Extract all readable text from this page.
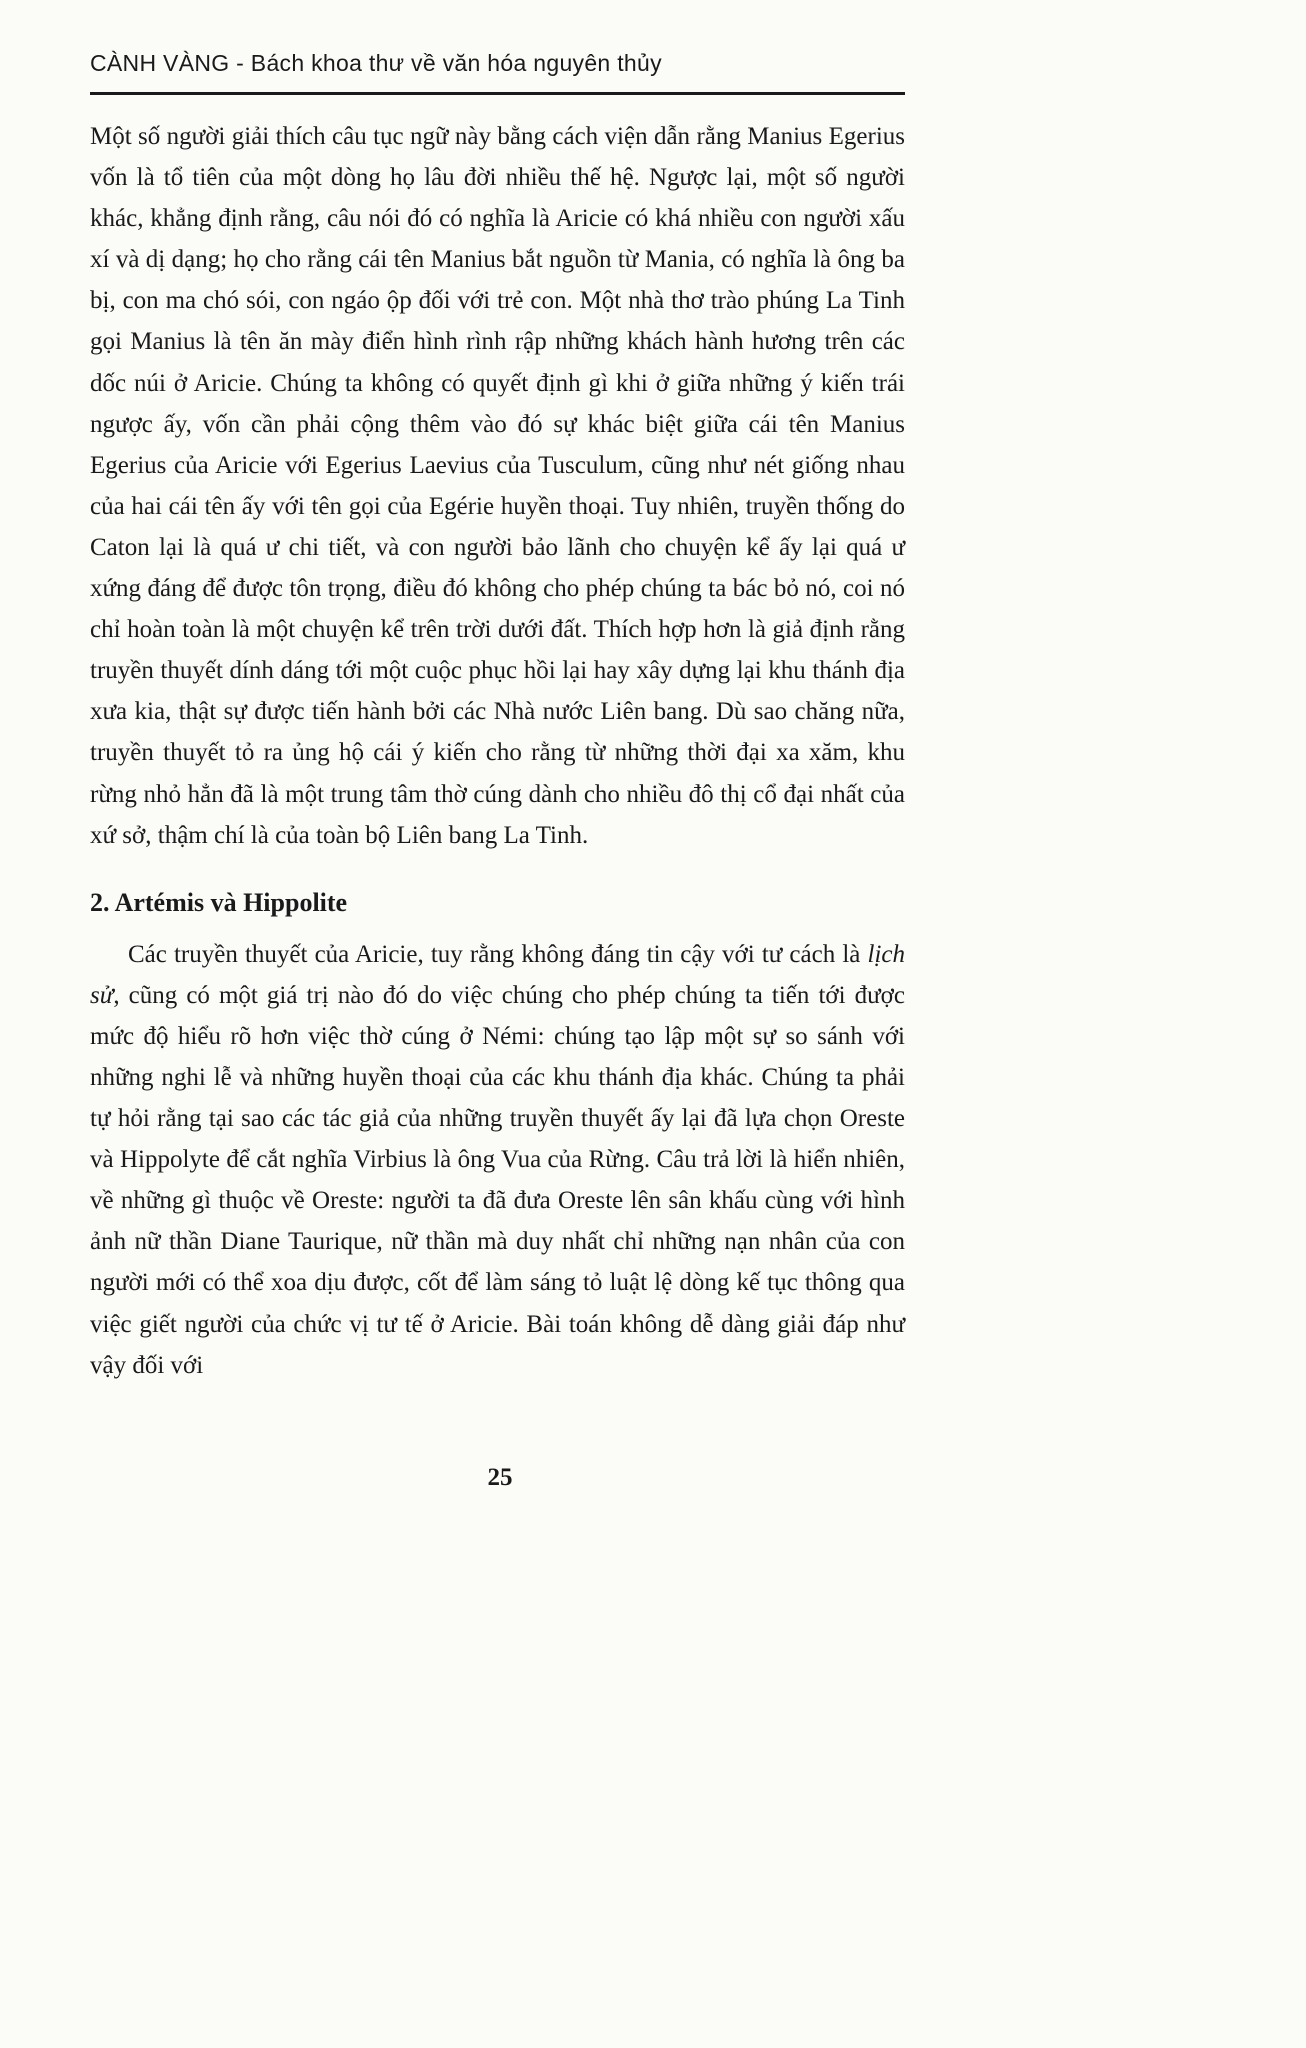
CÀNH VÀNG - Bách khoa thư về văn hóa nguyên thủy

Một số người giải thích câu tục ngữ này bằng cách viện dẫn rằng Manius Egerius vốn là tổ tiên của một dòng họ lâu đời nhiều thế hệ. Ngược lại, một số người khác, khẳng định rằng, câu nói đó có nghĩa là Aricie có khá nhiều con người xấu xí và dị dạng; họ cho rằng cái tên Manius bắt nguồn từ Mania, có nghĩa là ông ba bị, con ma chó sói, con ngáo ộp đối với trẻ con. Một nhà thơ trào phúng La Tinh gọi Manius là tên ăn mày điển hình rình rập những khách hành hương trên các dốc núi ở Aricie. Chúng ta không có quyết định gì khi ở giữa những ý kiến trái ngược ấy, vốn cần phải cộng thêm vào đó sự khác biệt giữa cái tên Manius Egerius của Aricie với Egerius Laevius của Tusculum, cũng như nét giống nhau của hai cái tên ấy với tên gọi của Egérie huyền thoại. Tuy nhiên, truyền thống do Caton lại là quá ư chi tiết, và con người bảo lãnh cho chuyện kể ấy lại quá ư xứng đáng để được tôn trọng, điều đó không cho phép chúng ta bác bỏ nó, coi nó chỉ hoàn toàn là một chuyện kể trên trời dưới đất. Thích hợp hơn là giả định rằng truyền thuyết dính dáng tới một cuộc phục hồi lại hay xây dựng lại khu thánh địa xưa kia, thật sự được tiến hành bởi các Nhà nước Liên bang. Dù sao chăng nữa, truyền thuyết tỏ ra ủng hộ cái ý kiến cho rằng từ những thời đại xa xăm, khu rừng nhỏ hẳn đã là một trung tâm thờ cúng dành cho nhiều đô thị cổ đại nhất của xứ sở, thậm chí là của toàn bộ Liên bang La Tinh.

2. Artémis và Hippolite

Các truyền thuyết của Aricie, tuy rằng không đáng tin cậy với tư cách là lịch sử, cũng có một giá trị nào đó do việc chúng cho phép chúng ta tiến tới được mức độ hiểu rõ hơn việc thờ cúng ở Némi: chúng tạo lập một sự so sánh với những nghi lễ và những huyền thoại của các khu thánh địa khác. Chúng ta phải tự hỏi rằng tại sao các tác giả của những truyền thuyết ấy lại đã lựa chọn Oreste và Hippolyte để cắt nghĩa Virbius là ông Vua của Rừng. Câu trả lời là hiển nhiên, về những gì thuộc về Oreste: người ta đã đưa Oreste lên sân khấu cùng với hình ảnh nữ thần Diane Taurique, nữ thần mà duy nhất chỉ những nạn nhân của con người mới có thể xoa dịu được, cốt để làm sáng tỏ luật lệ dòng kế tục thông qua việc giết người của chức vị tư tế ở Aricie. Bài toán không dễ dàng giải đáp như vậy đối với

25
